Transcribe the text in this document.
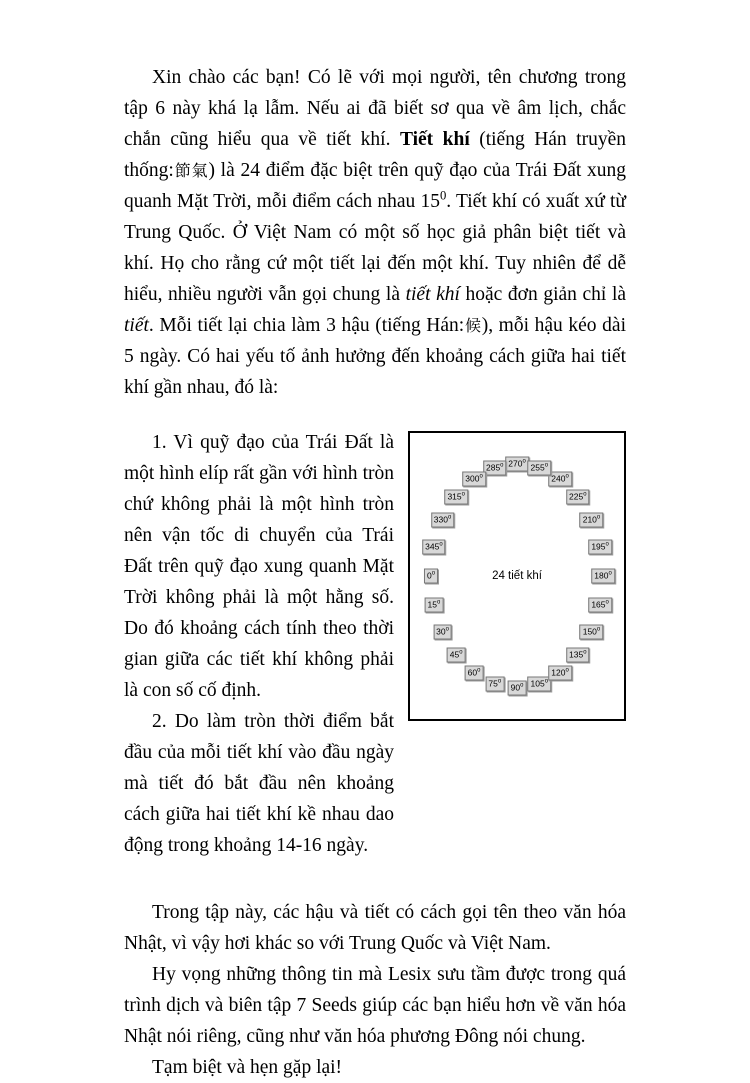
Xin chào các bạn! Có lẽ với mọi người, tên chương trong tập 6 này khá lạ lẫm. Nếu ai đã biết sơ qua về âm lịch, chắc chắn cũng hiểu qua về tiết khí. Tiết khí (tiếng Hán truyền thống:節氣) là 24 điểm đặc biệt trên quỹ đạo của Trái Đất xung quanh Mặt Trời, mỗi điểm cách nhau $15^0$. Tiết khí có xuất xứ từ Trung Quốc. Ở Việt Nam có một số học giả phân biệt tiết và khí. Họ cho rằng cứ một tiết lại đến một khí. Tuy nhiên để dễ hiểu, nhiều người vẫn gọi chung là tiết khí hoặc đơn giản chỉ là tiết. Mỗi tiết lại chia làm 3 hậu (tiếng Hán:候), mỗi hậu kéo dài 5 ngày. Có hai yếu tố ảnh hưởng đến khoảng cách giữa hai tiết khí gần nhau, đó là:

1. Vì quỹ đạo của Trái Đất là một hình elíp rất gần với hình tròn chứ không phải là một hình tròn nên vận tốc di chuyển của Trái Đất trên quỹ đạo xung quanh Mặt Trời không phải là một hằng số. Do đó khoảng cách tính theo thời gian giữa các tiết khí không phải là con số cố định.

2. Do làm tròn thời điểm bắt đầu của mỗi tiết khí vào đầu ngày mà tiết đó bắt đầu nên khoảng cách giữa hai tiết khí kề nhau dao động trong khoảng 14-16 ngày.

24 tiết khí
270$^o$
285$^o$
300$^o$
315$^o$
330$^o$
345$^o$
0$^o$
15$^o$
30$^o$
45$^o$
60$^o$
75$^o$
90$^o$ 105$^o$
120$^o$
135$^o$
150$^o$
165$^o$
180$^o$
195$^o$
210$^o$
225$^o$
240$^o$
255$^o$

Trong tập này, các hậu và tiết có cách gọi tên theo văn hóa Nhật, vì vậy hơi khác so với Trung Quốc và Việt Nam.

Hy vọng những thông tin mà Lesix sưu tầm được trong quá trình dịch và biên tập 7 Seeds giúp các bạn hiểu hơn về văn hóa Nhật nói riêng, cũng như văn hóa phương Đông nói chung.

Tạm biệt và hẹn gặp lại!
